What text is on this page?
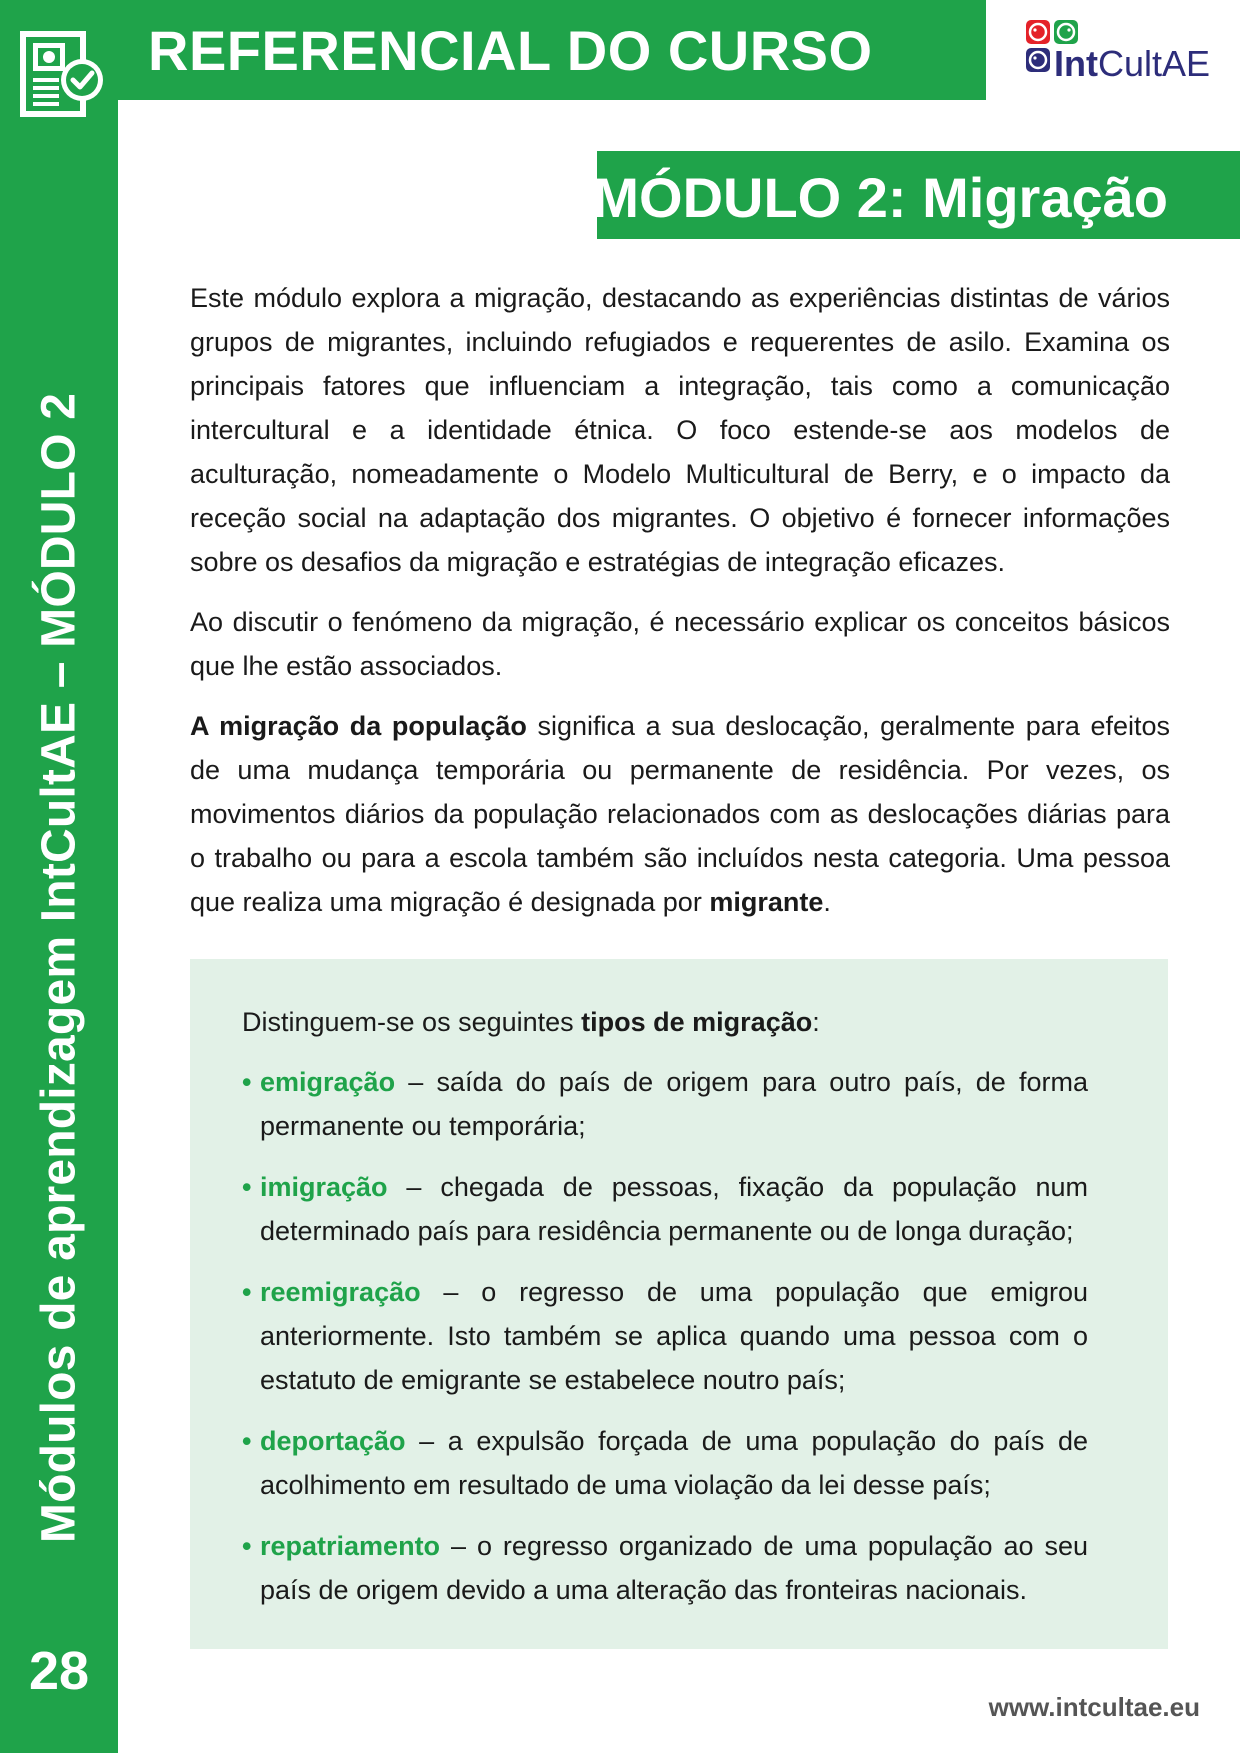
Módulos de aprendizagem IntCultAE – MÓDULO 2
28
REFERENCIAL DO CURSO	IntCultAE
MÓDULO 2: Migração

Este módulo explora a migração, destacando as experiências distintas de vários grupos de migrantes, incluindo refugiados e requerentes de asilo. Examina os principais fatores que influenciam a integração, tais como a comunicação intercultural e a identidade étnica. O foco estende-se aos modelos de aculturação, nomeadamente o Modelo Multicultural de Berry, e o impacto da receção social na adaptação dos migrantes. O objetivo é fornecer informações sobre os desafios da migração e estratégias de integração eficazes.

Ao discutir o fenómeno da migração, é necessário explicar os conceitos básicos que lhe estão associados.

A migração da população significa a sua deslocação, geralmente para efeitos de uma mudança temporária ou permanente de residência. Por vezes, os movimentos diários da população relacionados com as deslocações diárias para o trabalho ou para a escola também são incluídos nesta categoria. Uma pessoa que realiza uma migração é designada por migrante.

Distinguem-se os seguintes tipos de migração:

• emigração – saída do país de origem para outro país, de forma permanente ou temporária;
• imigração – chegada de pessoas, fixação da população num determinado país para residência permanente ou de longa duração;
• reemigração – o regresso de uma população que emigrou anteriormente. Isto também se aplica quando uma pessoa com o estatuto de emigrante se estabelece noutro país;
• deportação – a expulsão forçada de uma população do país de acolhimento em resultado de uma violação da lei desse país;
• repatriamento – o regresso organizado de uma população ao seu país de origem devido a uma alteração das fronteiras nacionais.
www.intcultae.eu
